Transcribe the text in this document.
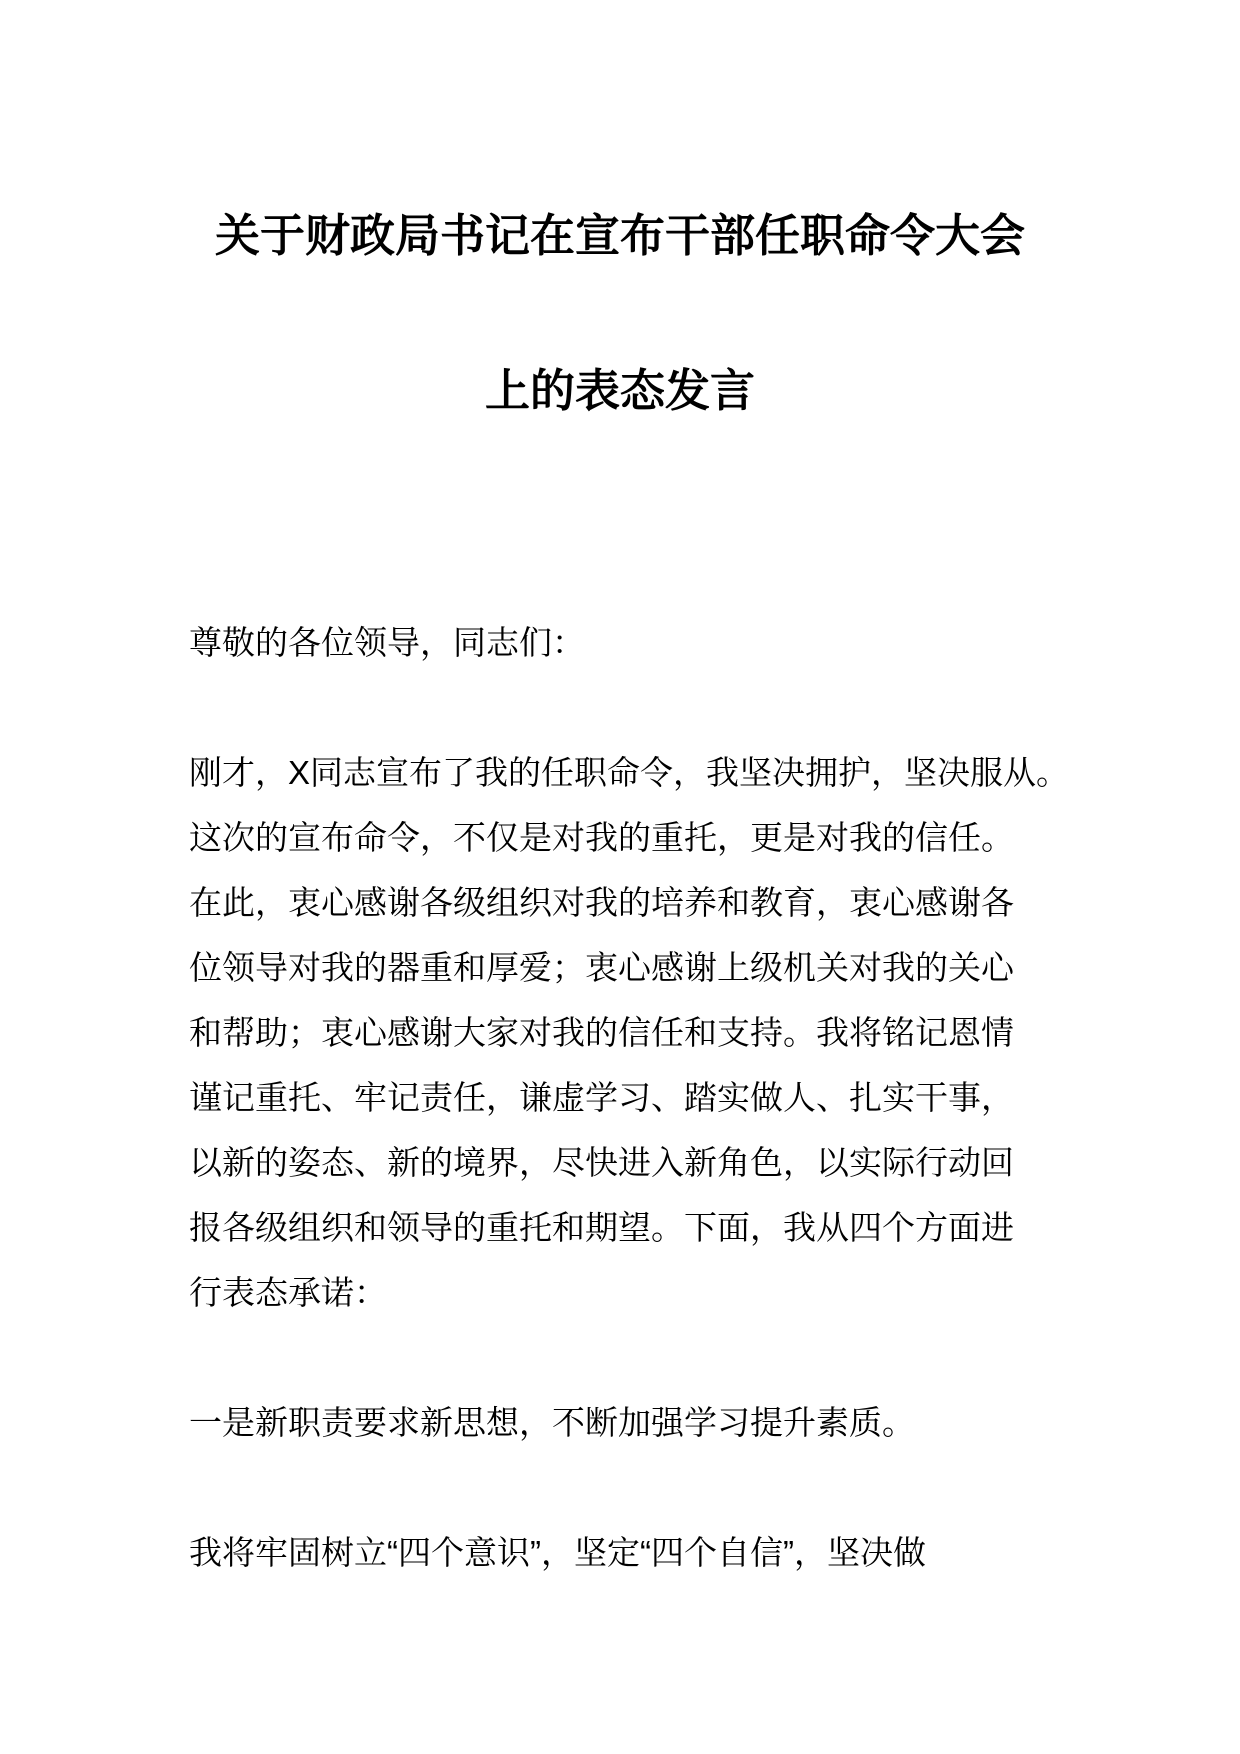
关于财政局书记在宣布干部任职命令大会
上的表态发言
尊敬的各位领导，同志们：
刚才，X同志宣布了我的任职命令，我坚决拥护，坚决服从。
这次的宣布命令，不仅是对我的重托，更是对我的信任。
在此，衷心感谢各级组织对我的培养和教育，衷心感谢各
位领导对我的器重和厚爱；衷心感谢上级机关对我的关心
和帮助；衷心感谢大家对我的信任和支持。我将铭记恩情
谨记重托、牢记责任，谦虚学习、踏实做人、扎实干事，
以新的姿态、新的境界，尽快进入新角色，以实际行动回
报各级组织和领导的重托和期望。下面，我从四个方面进
行表态承诺：
一是新职责要求新思想，不断加强学习提升素质。
我将牢固树立“四个意识”，坚定“四个自信”，坚决做
